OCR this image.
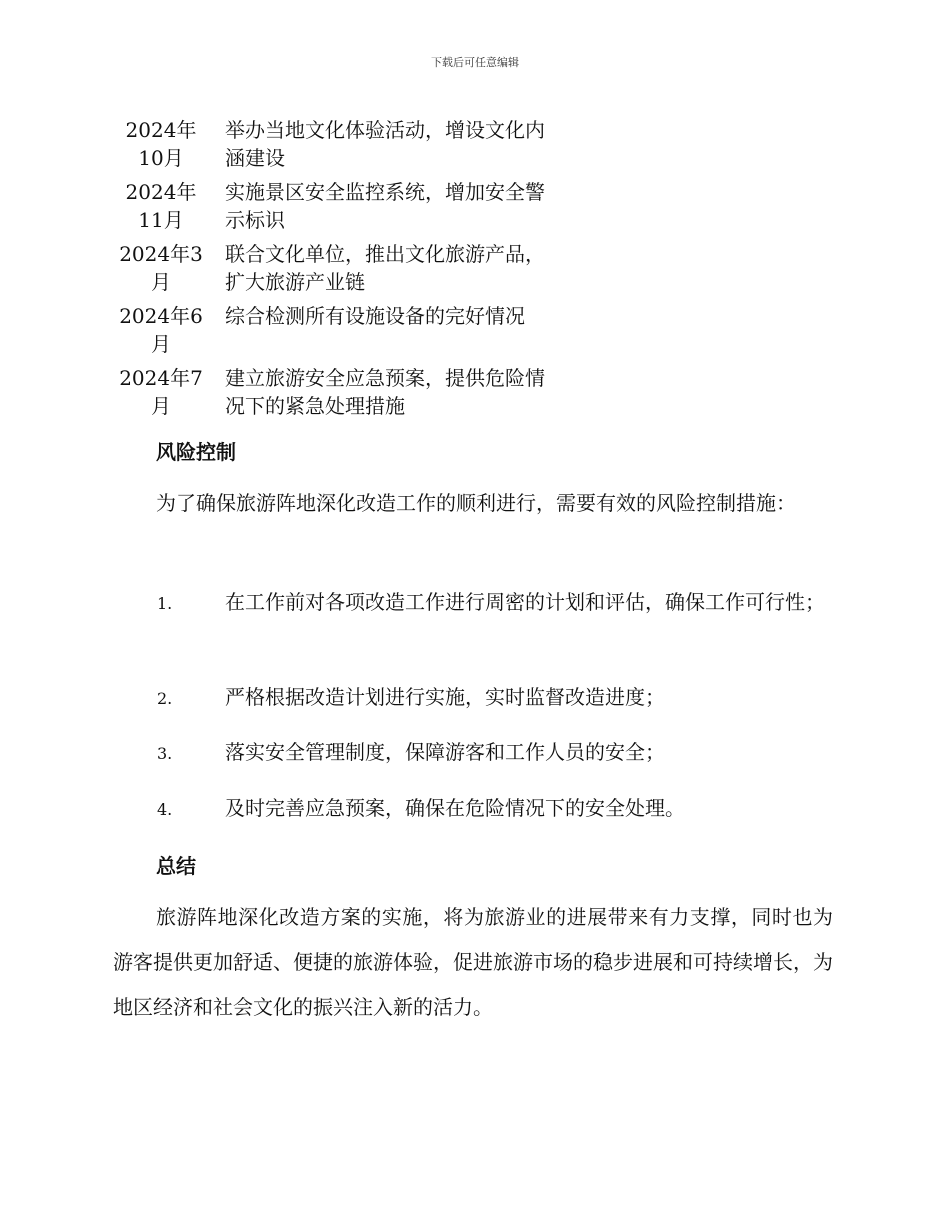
下载后可任意编辑
2024年10月	举办当地文化体验活动，增设文化内涵建设
2024年11月	实施景区安全监控系统，增加安全警示标识
2024年3月	联合文化单位，推出文化旅游产品，扩大旅游产业链
2024年6月	综合检测所有设施设备的完好情况
2024年7月	建立旅游安全应急预案，提供危险情况下的紧急处理措施
风险控制
为了确保旅游阵地深化改造工作的顺利进行，需要有效的风险控制措施：
1.	在工作前对各项改造工作进行周密的计划和评估，确保工作可行性；
2.	严格根据改造计划进行实施，实时监督改造进度；
3.	落实安全管理制度，保障游客和工作人员的安全；
4.	及时完善应急预案，确保在危险情况下的安全处理。
总结
旅游阵地深化改造方案的实施，将为旅游业的进展带来有力支撑，同时也为游客提供更加舒适、便捷的旅游体验，促进旅游市场的稳步进展和可持续增长，为地区经济和社会文化的振兴注入新的活力。
